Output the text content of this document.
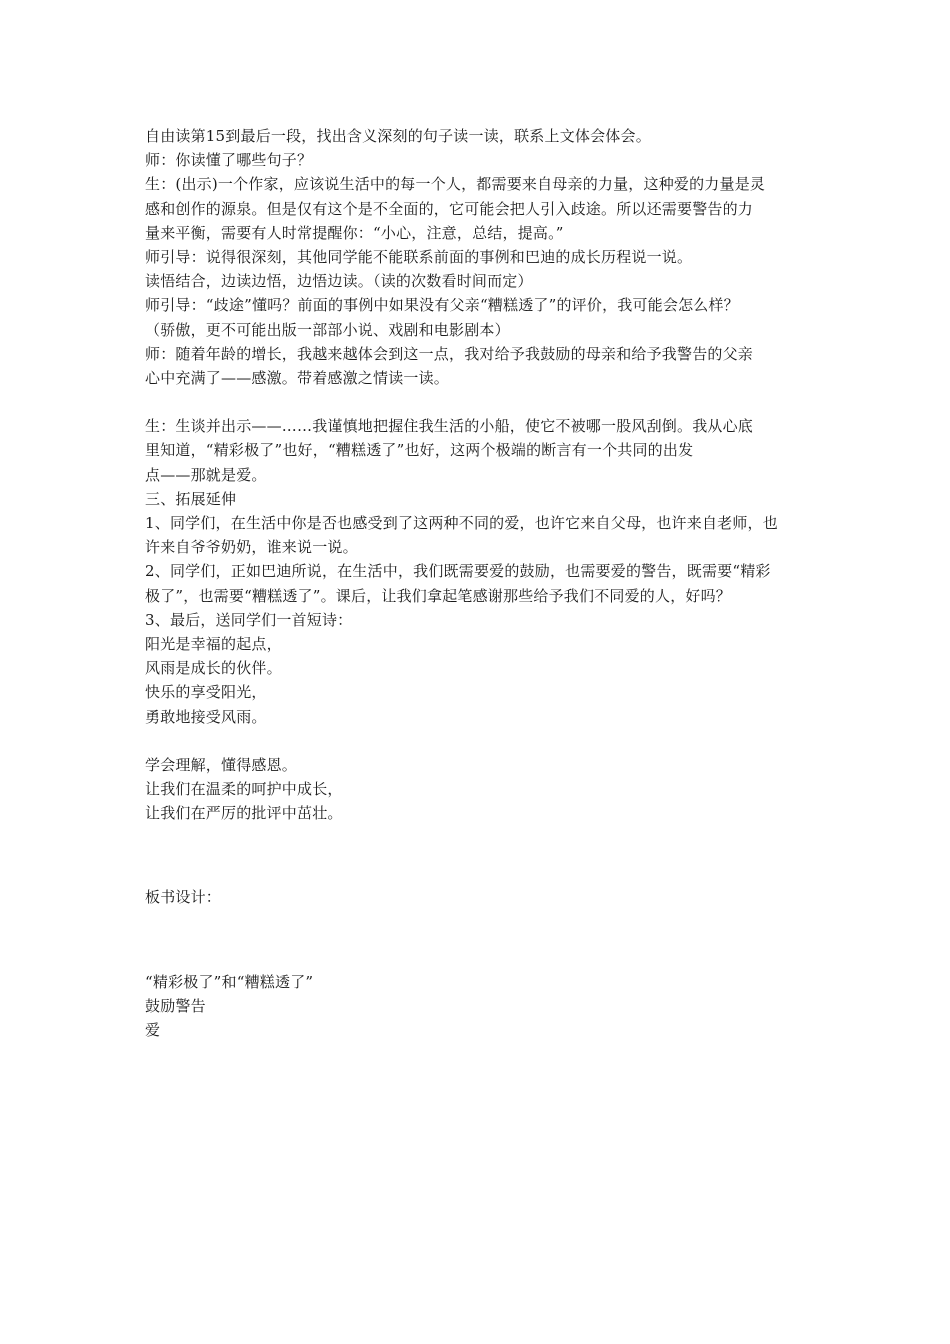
自由读第15到最后一段，找出含义深刻的句子读一读，联系上文体会体会。
师：你读懂了哪些句子？
生：(出示)一个作家，应该说生活中的每一个人，都需要来自母亲的力量，这种爱的力量是灵
感和创作的源泉。但是仅有这个是不全面的，它可能会把人引入歧途。所以还需要警告的力
量来平衡，需要有人时常提醒你：“小心，注意，总结，提高。”
师引导：说得很深刻，其他同学能不能联系前面的事例和巴迪的成长历程说一说。
读悟结合，边读边悟，边悟边读。（读的次数看时间而定）
师引导：“歧途”懂吗？前面的事例中如果没有父亲“糟糕透了”的评价，我可能会怎么样？
（骄傲，更不可能出版一部部小说、戏剧和电影剧本）
师：随着年龄的增长，我越来越体会到这一点，我对给予我鼓励的母亲和给予我警告的父亲
心中充满了——感激。带着感激之情读一读。
生：生谈并出示——……我谨慎地把握住我生活的小船，使它不被哪一股风刮倒。我从心底
里知道，“精彩极了”也好，“糟糕透了”也好，这两个极端的断言有一个共同的出发
点——那就是爱。
三、拓展延伸
1、同学们，在生活中你是否也感受到了这两种不同的爱，也许它来自父母，也许来自老师，也
许来自爷爷奶奶，谁来说一说。
2、同学们，正如巴迪所说，在生活中，我们既需要爱的鼓励，也需要爱的警告，既需要“精彩
极了”，也需要“糟糕透了”。课后，让我们拿起笔感谢那些给予我们不同爱的人，好吗？
3、最后，送同学们一首短诗：
阳光是幸福的起点，
风雨是成长的伙伴。
快乐的享受阳光，
勇敢地接受风雨。
学会理解，懂得感恩。
让我们在温柔的呵护中成长，
让我们在严厉的批评中茁壮。
板书设计：
“精彩极了”和“糟糕透了”
鼓励警告
爱
